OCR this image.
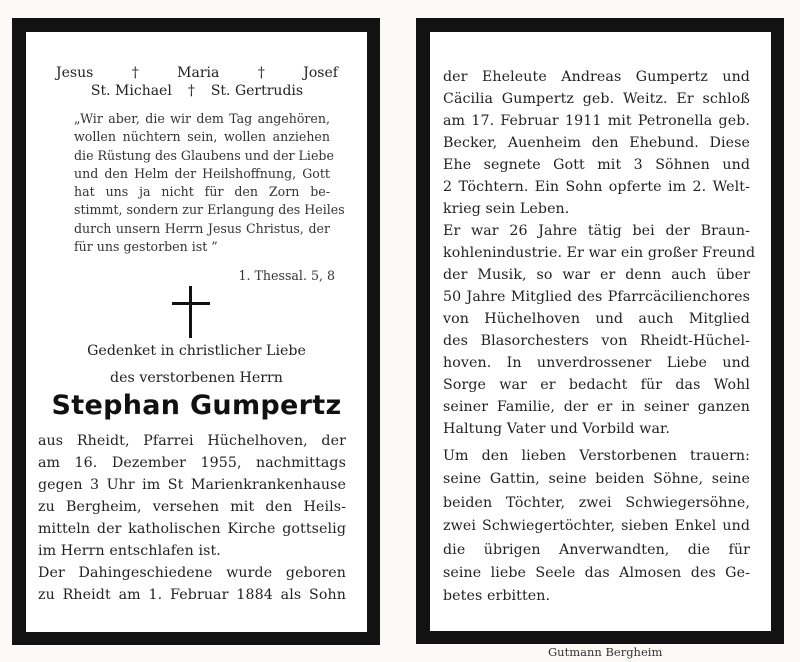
Jesus	†	Maria	†	Josef
St. Michael † St. Gertrudis
„Wir aber, die wir dem Tag angehören,
wollen nüchtern sein, wollen anziehen
die Rüstung des Glaubens und der Liebe
und den Helm der Heilshoffnung, Gott
hat uns ja nicht für den Zorn be-
stimmt, sondern zur Erlangung des Heiles
durch unsern Herrn Jesus Christus, der
für uns gestorben ist ”
1. Thessal. 5, 8
Gedenket in christlicher Liebe
des verstorbenen Herrn
Stephan Gumpertz
aus Rheidt, Pfarrei Hüchelhoven, der
am 16. Dezember 1955, nachmittags
gegen 3 Uhr im St Marienkrankenhause
zu Bergheim, versehen mit den Heils-
mitteln der katholischen Kirche gottselig
im Herrn entschlafen ist.
Der Dahingeschiedene wurde geboren
zu Rheidt am 1. Februar 1884 als Sohn
der Eheleute Andreas Gumpertz und
Cäcilia Gumpertz geb. Weitz. Er schloß
am 17. Februar 1911 mit Petronella geb.
Becker, Auenheim den Ehebund. Diese
Ehe segnete Gott mit 3 Söhnen und
2 Töchtern. Ein Sohn opferte im 2. Welt-
krieg sein Leben.
Er war 26 Jahre tätig bei der Braun-
kohlenindustrie. Er war ein großer Freund
der Musik, so war er denn auch über
50 Jahre Mitglied des Pfarrcäcilienchores
von Hüchelhoven und auch Mitglied
des Blasorchesters von Rheidt-Hüchel-
hoven. In unverdrossener Liebe und
Sorge war er bedacht für das Wohl
seiner Familie, der er in seiner ganzen
Haltung Vater und Vorbild war.
Um den lieben Verstorbenen trauern:
seine Gattin, seine beiden Söhne, seine
beiden Töchter, zwei Schwiegersöhne,
zwei Schwiegertöchter, sieben Enkel und
die übrigen Anverwandten, die für
seine liebe Seele das Almosen des Ge-
betes erbitten.
Gutmann Bergheim
